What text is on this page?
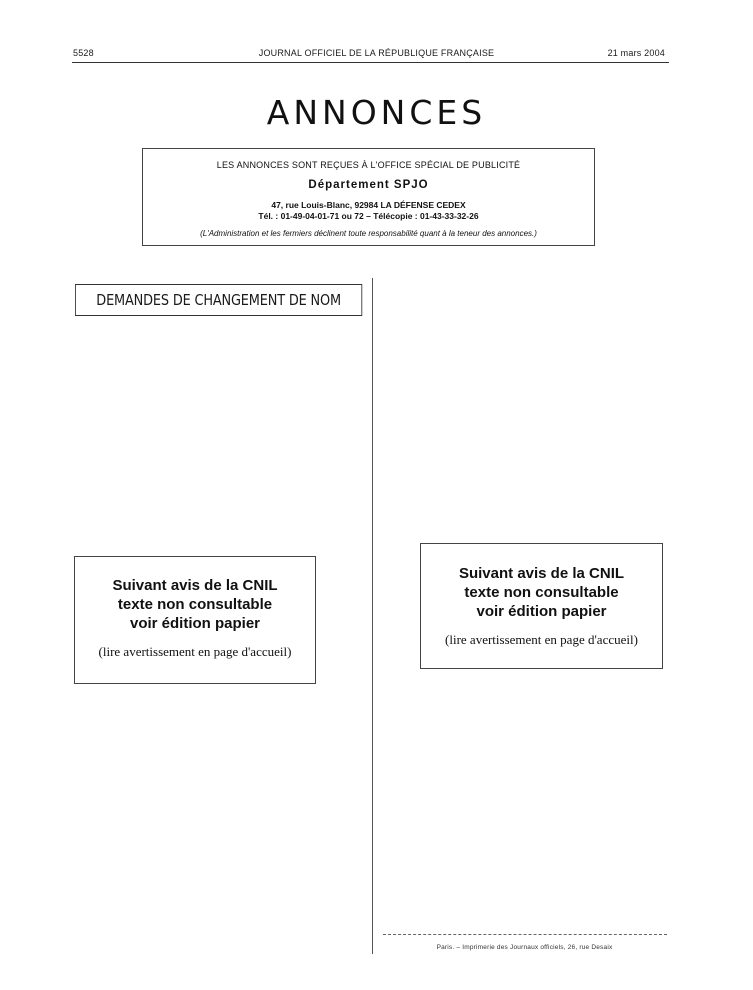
5528	JOURNAL OFFICIEL DE LA RÉPUBLIQUE FRANÇAISE	21 mars 2004
ANNONCES
LES ANNONCES SONT REÇUES À L'OFFICE SPÉCIAL DE PUBLICITÉ
Département SPJO
47, rue Louis-Blanc, 92984 LA DÉFENSE CEDEX
Tél. : 01-49-04-01-71 ou 72 – Télécopie : 01-43-33-32-26
(L'Administration et les fermiers déclinent toute responsabilité quant à la teneur des annonces.)
DEMANDES DE CHANGEMENT DE NOM
Suivant avis de la CNIL
texte non consultable
voir édition papier
(lire avertissement en page d'accueil)
Suivant avis de la CNIL
texte non consultable
voir édition papier
(lire avertissement en page d'accueil)
Paris. – Imprimerie des Journaux officiels, 26, rue Desaix
